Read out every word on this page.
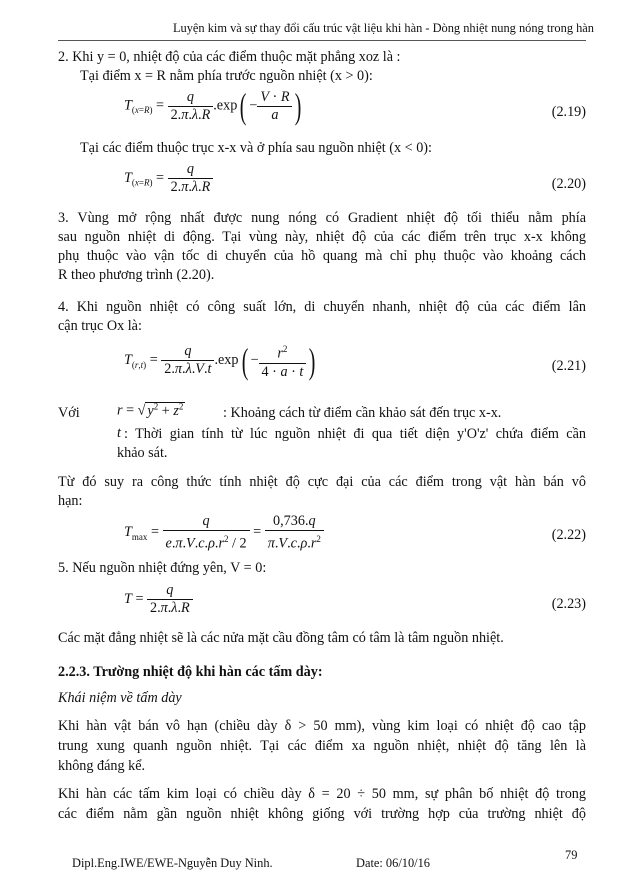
Luyện kim và sự thay đổi cấu trúc vật liệu khi hàn - Dòng nhiệt nung nóng trong hàn
2. Khi y = 0, nhiệt độ của các điểm thuộc mặt phẳng xoz là :
Tại điểm x = R nằm phía trước nguồn nhiệt (x > 0):
$T_{(x=R)} = \frac{q}{2.\pi.\lambda.R} .\exp( - \frac{V \cdot R}{a}$ )	(2.19)
Tại các điểm thuộc trục x-x và ở phía sau nguồn nhiệt (x < 0):
$T_{(x=R)} = \frac{q}{2.\pi.\lambda.R}$	(2.20)
3. Vùng mở rộng nhất được nung nóng có Gradient nhiệt độ tối thiểu nằm phía
sau nguồn nhiệt di động. Tại vùng này, nhiệt độ của các điểm trên trục x-x không
phụ thuộc vào vận tốc di chuyển của hồ quang mà chỉ phụ thuộc vào khoảng cách
R theo phương trình (2.20).
4. Khi nguồn nhiệt có công suất lớn, di chuyển nhanh, nhiệt độ của các điểm lân
cận trục Ox là:
$T_{(r,t)} = \frac{q}{2.\pi.\lambda.V.t} .\exp( - \frac{r^2}{4 \cdot a \cdot t}$ )	(2.21)
Với	r = √ $y^2 + z^2$	: Khoảng cách từ điểm cần khảo sát đến trục x-x.
t : Thời gian tính từ lúc nguồn nhiệt đi qua tiết diện y'O'z' chứa điểm cần
khảo sát.
Từ đó suy ra công thức tính nhiệt độ cực đại của các điểm trong vật hàn bán vô
hạn:
$T_{max} = \frac{q}{e.\pi.V.c.\rho.r^2 / 2} = \frac{0,736.q}{\pi.V.c.\rho.r^2}$	(2.22)
5. Nếu nguồn nhiệt đứng yên, V = 0:
$T = \frac{q}{2.\pi.\lambda.R}$	(2.23)
Các mặt đẳng nhiệt sẽ là các nửa mặt cầu đồng tâm có tâm là tâm nguồn nhiệt.
2.2.3. Trường nhiệt độ khi hàn các tấm dày:
Khái niệm về tấm dày
Khi hàn vật bán vô hạn (chiều dày δ > 50 mm), vùng kim loại có nhiệt độ cao tập
trung xung quanh nguồn nhiệt. Tại các điểm xa nguồn nhiệt, nhiệt độ tăng lên là
không đáng kể.
Khi hàn các tấm kim loại có chiều dày δ = 20 ÷ 50 mm, sự phân bố nhiệt độ trong
các điểm nằm gần nguồn nhiệt không giống với trường hợp của trường nhiệt độ
Dipl.Eng.IWE/EWE-Nguyễn Duy Ninh.	Date: 06/10/16
79
